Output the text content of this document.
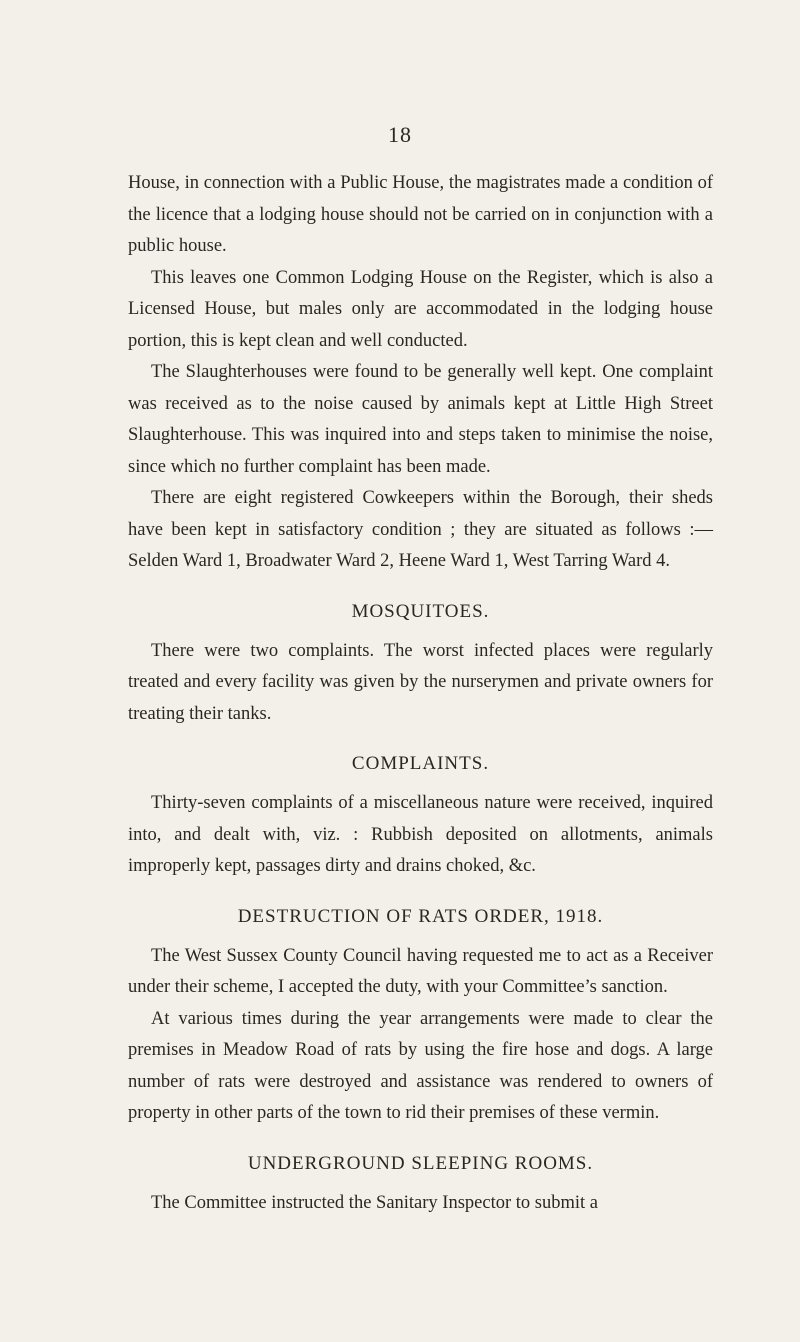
18

House, in connection with a Public House, the magistrates made a condition of the licence that a lodging house should not be carried on in conjunction with a public house.

This leaves one Common Lodging House on the Register, which is also a Licensed House, but males only are accommodated in the lodging house portion, this is kept clean and well conducted.

The Slaughterhouses were found to be generally well kept. One complaint was received as to the noise caused by animals kept at Little High Street Slaughterhouse. This was inquired into and steps taken to minimise the noise, since which no further complaint has been made.

There are eight registered Cowkeepers within the Borough, their sheds have been kept in satisfactory condition ; they are situated as follows :—Selden Ward 1, Broadwater Ward 2, Heene Ward 1, West Tarring Ward 4.

MOSQUITOES.

There were two complaints. The worst infected places were regularly treated and every facility was given by the nurserymen and private owners for treating their tanks.

COMPLAINTS.

Thirty-seven complaints of a miscellaneous nature were received, inquired into, and dealt with, viz. : Rubbish deposited on allotments, animals improperly kept, passages dirty and drains choked, &c.

DESTRUCTION OF RATS ORDER, 1918.

The West Sussex County Council having requested me to act as a Receiver under their scheme, I accepted the duty, with your Committee’s sanction.

At various times during the year arrangements were made to clear the premises in Meadow Road of rats by using the fire hose and dogs. A large number of rats were destroyed and assistance was rendered to owners of property in other parts of the town to rid their premises of these vermin.

UNDERGROUND SLEEPING ROOMS.

The Committee instructed the Sanitary Inspector to submit a
